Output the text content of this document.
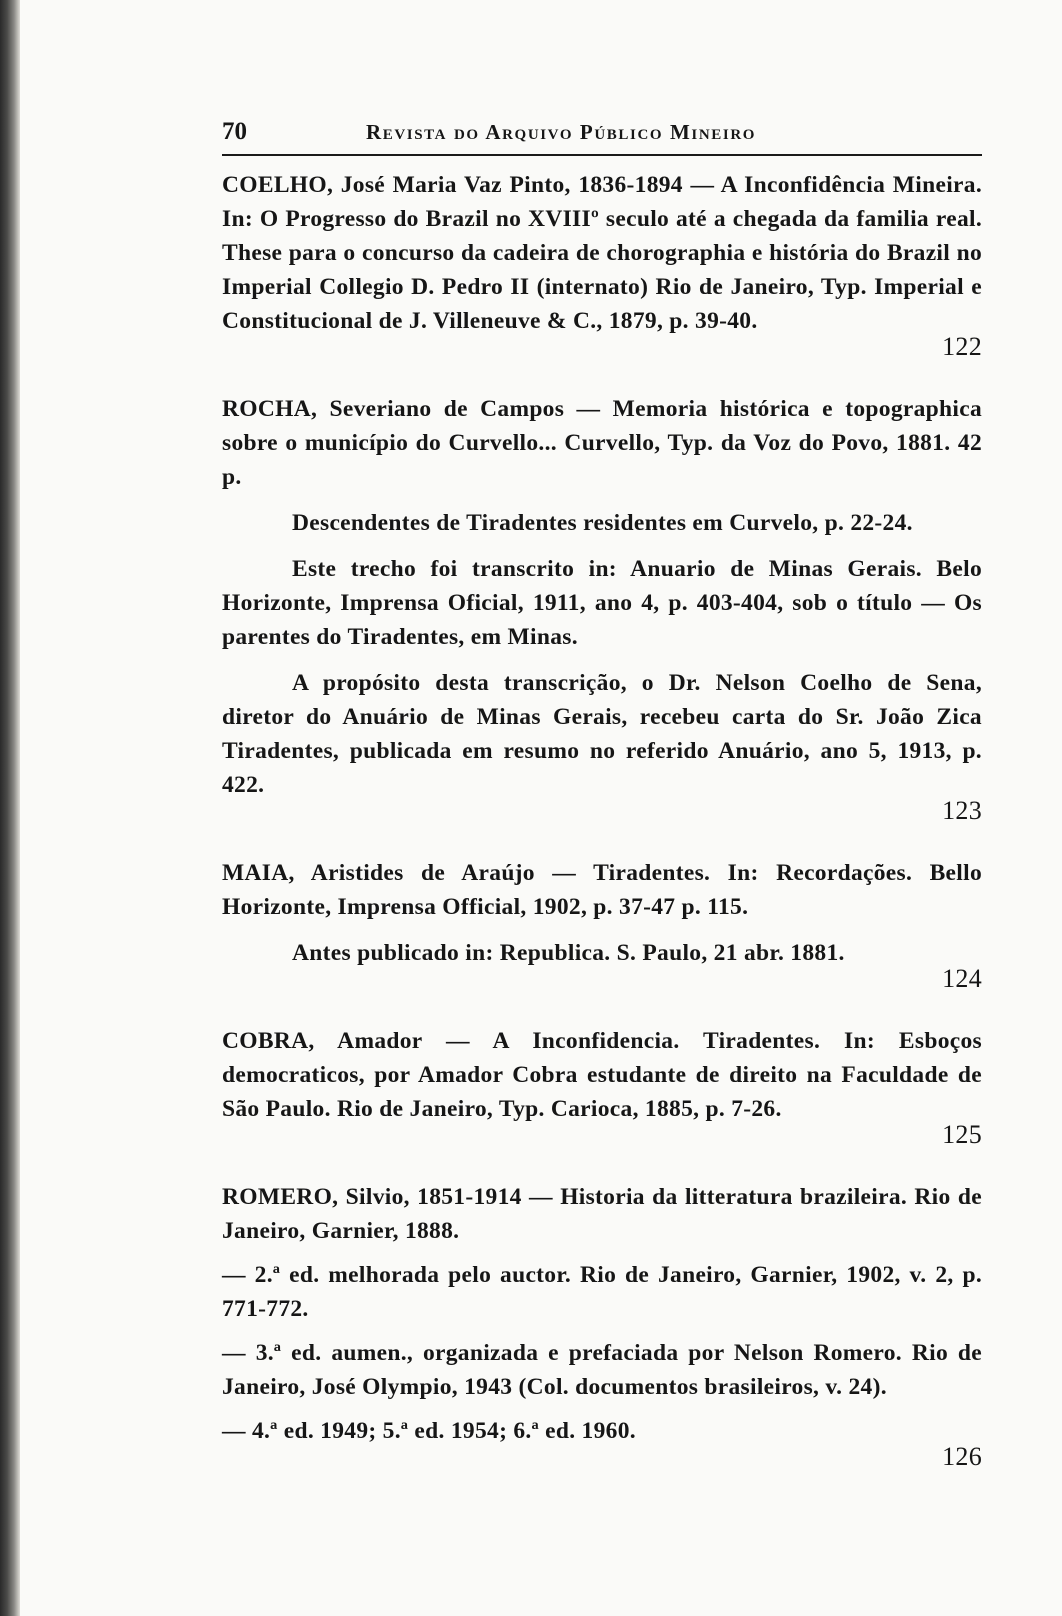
70	Revista do Arquivo Público Mineiro

COELHO, José Maria Vaz Pinto, 1836-1894 — A Inconfidência Mineira. In: O Progresso do Brazil no XVIIIº seculo até a chegada da familia real. These para o concurso da cadeira de chorographia e história do Brazil no Imperial Collegio D. Pedro II (internato) Rio de Janeiro, Typ. Imperial e Constitucional de J. Villeneuve & C., 1879, p. 39-40.

122

ROCHA, Severiano de Campos — Memoria histórica e topographica sobre o município do Curvello... Curvello, Typ. da Voz do Povo, 1881. 42 p.

Descendentes de Tiradentes residentes em Curvelo, p. 22-24.

Este trecho foi transcrito in: Anuario de Minas Gerais. Belo Horizonte, Imprensa Oficial, 1911, ano 4, p. 403-404, sob o título — Os parentes do Tiradentes, em Minas.

A propósito desta transcrição, o Dr. Nelson Coelho de Sena, diretor do Anuário de Minas Gerais, recebeu carta do Sr. João Zica Tiradentes, publicada em resumo no referido Anuário, ano 5, 1913, p. 422.

123

MAIA, Aristides de Araújo — Tiradentes. In: Recordações. Bello Horizonte, Imprensa Official, 1902, p. 37-47 p. 115.

Antes publicado in: Republica. S. Paulo, 21 abr. 1881.

124

COBRA, Amador — A Inconfidencia. Tiradentes. In: Esboços democraticos, por Amador Cobra estudante de direito na Faculdade de São Paulo. Rio de Janeiro, Typ. Carioca, 1885, p. 7-26.

125

ROMERO, Silvio, 1851-1914 — Historia da litteratura brazileira. Rio de Janeiro, Garnier, 1888.

— 2.ª ed. melhorada pelo auctor. Rio de Janeiro, Garnier, 1902, v. 2, p. 771-772.

— 3.ª ed. aumen., organizada e prefaciada por Nelson Romero. Rio de Janeiro, José Olympio, 1943 (Col. documentos brasileiros, v. 24).

— 4.ª ed. 1949; 5.ª ed. 1954; 6.ª ed. 1960.

126
